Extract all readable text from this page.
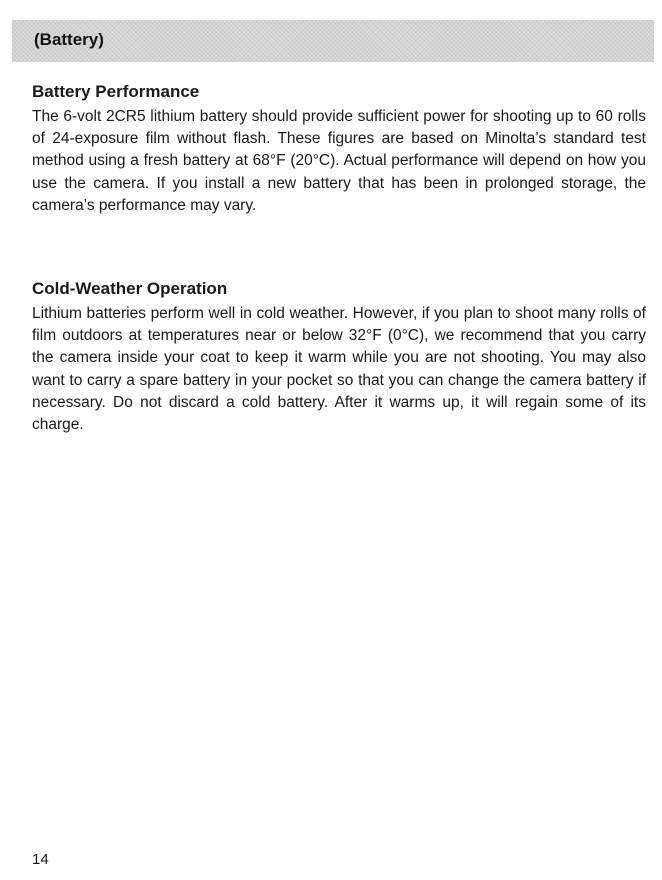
(Battery)
Battery Performance

The 6-volt 2CR5 lithium battery should provide sufficient power for shooting up to 60 rolls of 24-exposure film without flash. These figures are based on Minolta’s standard test method using a fresh battery at 68°F (20°C). Actual performance will depend on how you use the camera. If you install a new battery that has been in prolonged storage, the camera’s performance may vary.

Cold-Weather Operation

Lithium batteries perform well in cold weather. However, if you plan to shoot many rolls of film outdoors at temperatures near or below 32°F (0°C), we recommend that you carry the camera inside your coat to keep it warm while you are not shooting. You may also want to carry a spare battery in your pocket so that you can change the camera battery if necessary. Do not discard a cold battery. After it warms up, it will regain some of its charge.

14
